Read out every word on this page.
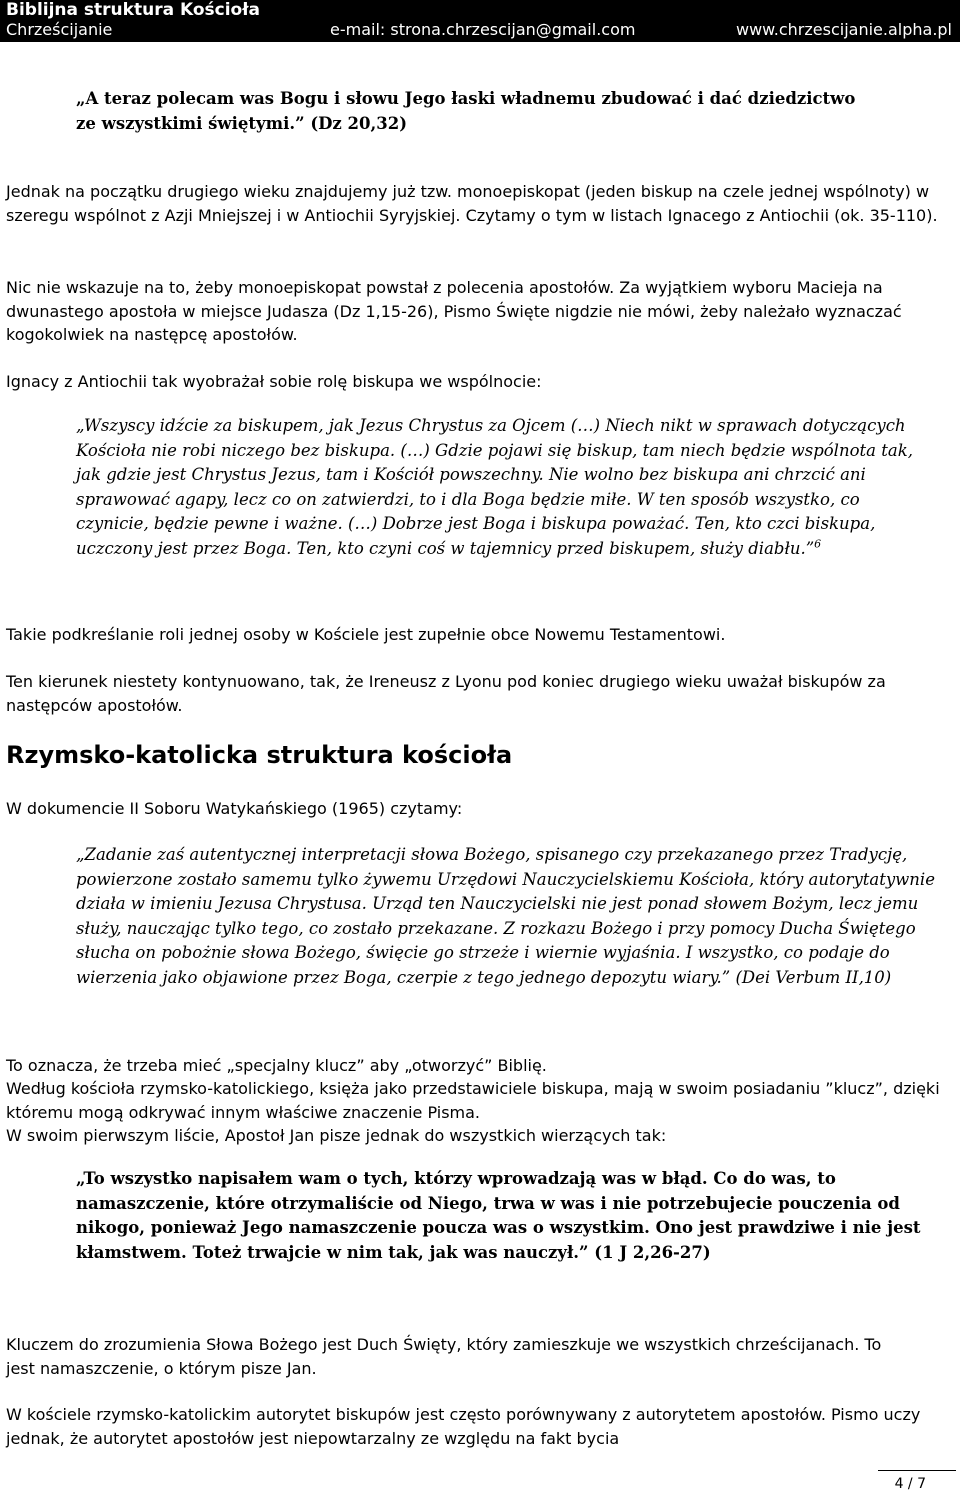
Biblijna struktura Kościoła
Chrześcijanie	e-mail: strona.chrzescijan@gmail.com	www.chrzescijanie.alpha.pl

„A teraz polecam was Bogu i słowu Jego łaski władnemu zbudować i dać dziedzictwo ze wszystkimi świętymi.” (Dz 20,32)

Jednak na początku drugiego wieku znajdujemy już tzw. monoepiskopat (jeden biskup na czele jednej wspólnoty) w szeregu wspólnot z Azji Mniejszej i w Antiochii Syryjskiej. Czytamy o tym w listach Ignacego z Antiochii (ok. 35-110).

Nic nie wskazuje na to, żeby monoepiskopat powstał z polecenia apostołów. Za wyjątkiem wyboru Macieja na dwunastego apostoła w miejsce Judasza (Dz 1,15-26), Pismo Święte nigdzie nie mówi, żeby należało wyznaczać kogokolwiek na następcę apostołów.

Ignacy z Antiochii tak wyobrażał sobie rolę biskupa we wspólnocie:

„Wszyscy idźcie za biskupem, jak Jezus Chrystus za Ojcem (…) Niech nikt w sprawach dotyczących Kościoła nie robi niczego bez biskupa. (…) Gdzie pojawi się biskup, tam niech będzie wspólnota tak, jak gdzie jest Chrystus Jezus, tam i Kościół powszechny. Nie wolno bez biskupa ani chrzcić ani sprawować agapy, lecz co on zatwierdzi, to i dla Boga będzie miłe. W ten sposób wszystko, co czynicie, będzie pewne i ważne. (…) Dobrze jest Boga i biskupa poważać. Ten, kto czci biskupa, uczczony jest przez Boga. Ten, kto czyni coś w tajemnicy przed biskupem, służy diabłu.”$^6$

Takie podkreślanie roli jednej osoby w Kościele jest zupełnie obce Nowemu Testamentowi.

Ten kierunek niestety kontynuowano, tak, że Ireneusz z Lyonu pod koniec drugiego wieku uważał biskupów za następców apostołów.

Rzymsko-katolicka struktura kościoła

W dokumencie II Soboru Watykańskiego (1965) czytamy:

„Zadanie zaś autentycznej interpretacji słowa Bożego, spisanego czy przekazanego przez Tradycję, powierzone zostało samemu tylko żywemu Urzędowi Nauczycielskiemu Kościoła, który autorytatywnie działa w imieniu Jezusa Chrystusa. Urząd ten Nauczycielski nie jest ponad słowem Bożym, lecz jemu służy, nauczając tylko tego, co zostało przekazane. Z rozkazu Bożego i przy pomocy Ducha Świętego słucha on pobożnie słowa Bożego, święcie go strzeże i wiernie wyjaśnia. I wszystko, co podaje do wierzenia jako objawione przez Boga, czerpie z tego jednego depozytu wiary.” (Dei Verbum II,10)

To oznacza, że trzeba mieć „specjalny klucz” aby „otworzyć” Biblię.

Według kościoła rzymsko-katolickiego, księża jako przedstawiciele biskupa, mają w swoim posiadaniu ”klucz”, dzięki któremu mogą odkrywać innym właściwe znaczenie Pisma.

W swoim pierwszym liście, Apostoł Jan pisze jednak do wszystkich wierzących tak:

„To wszystko napisałem wam o tych, którzy wprowadzają was w błąd. Co do was, to namaszczenie, które otrzymaliście od Niego, trwa w was i nie potrzebujecie pouczenia od nikogo, ponieważ Jego namaszczenie poucza was o wszystkim. Ono jest prawdziwe i nie jest kłamstwem. Toteż trwajcie w nim tak, jak was nauczył.” (1 J 2,26-27)

Kluczem do zrozumienia Słowa Bożego jest Duch Święty, który zamieszkuje we wszystkich chrześcijanach. To jest namaszczenie, o którym pisze Jan.

W kościele rzymsko-katolickim autorytet biskupów jest często porównywany z autorytetem apostołów. Pismo uczy jednak, że autorytet apostołów jest niepowtarzalny ze względu na fakt bycia

4 / 7
